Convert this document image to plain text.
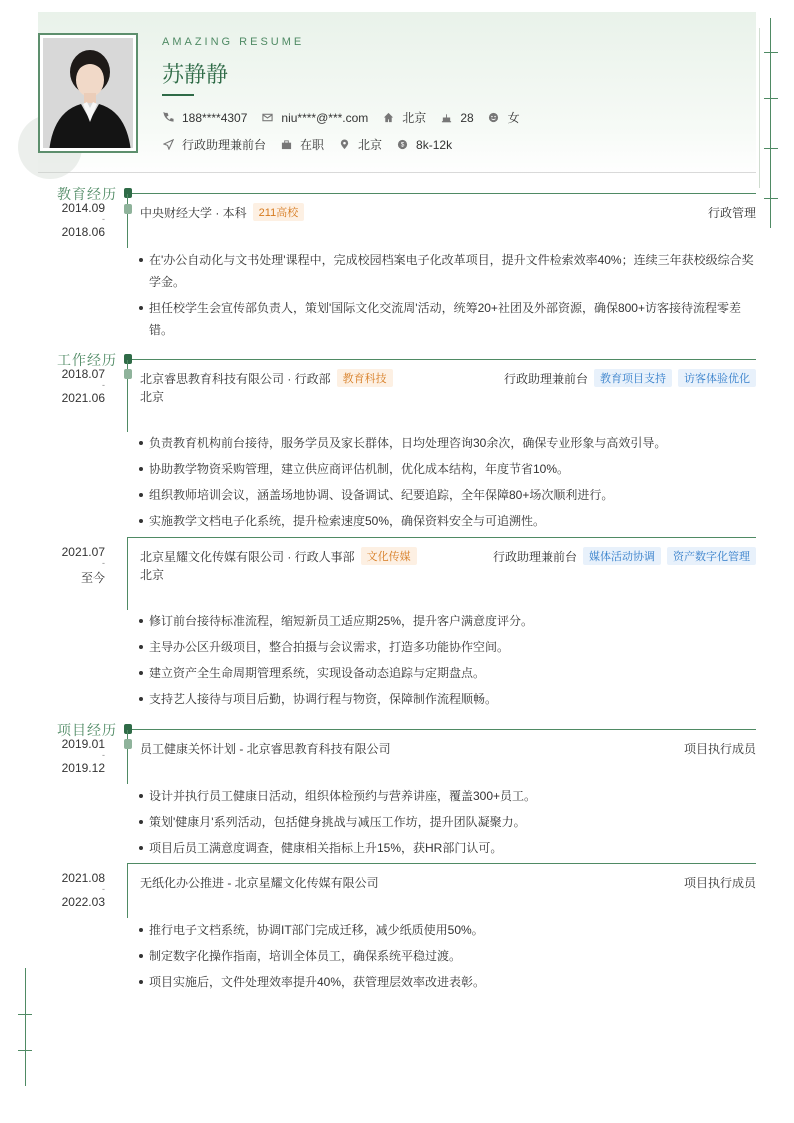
AMAZING RESUME
苏静静
188****4307	niu****@***.com	北京	28	女
行政助理兼前台	在职	北京	$ 8k-12k
教育经历
2014.09
-
2018.06
中央财经大学 · 本科	211高校	行政管理
在'办公自动化与文书处理'课程中，完成校园档案电子化改革项目，提升文件检索效率40%；连续三年获校级综合奖学金。
担任校学生会宣传部负责人，策划'国际文化交流周'活动，统筹20+社团及外部资源，确保800+访客接待流程零差错。
工作经历
2018.07
-
2021.06
北京睿思教育科技有限公司 · 行政部	教育科技	行政助理兼前台	教育项目支持	访客体验优化
北京
负责教育机构前台接待，服务学员及家长群体，日均处理咨询30余次，确保专业形象与高效引导。
协助教学物资采购管理，建立供应商评估机制，优化成本结构，年度节省10%。
组织教师培训会议，涵盖场地协调、设备调试、纪要追踪，全年保障80+场次顺利进行。
实施教学文档电子化系统，提升检索速度50%，确保资料安全与可追溯性。
2021.07
-
至今
北京星耀文化传媒有限公司 · 行政人事部	文化传媒	行政助理兼前台	媒体活动协调	资产数字化管理
北京
修订前台接待标准流程，缩短新员工适应期25%，提升客户满意度评分。
主导办公区升级项目，整合拍摄与会议需求，打造多功能协作空间。
建立资产全生命周期管理系统，实现设备动态追踪与定期盘点。
支持艺人接待与项目后勤，协调行程与物资，保障制作流程顺畅。
项目经历
2019.01
-
2019.12
员工健康关怀计划 - 北京睿思教育科技有限公司	项目执行成员
设计并执行员工健康日活动，组织体检预约与营养讲座，覆盖300+员工。
策划'健康月'系列活动，包括健身挑战与减压工作坊，提升团队凝聚力。
项目后员工满意度调查，健康相关指标上升15%，获HR部门认可。
2021.08
-
2022.03
无纸化办公推进 - 北京星耀文化传媒有限公司	项目执行成员
推行电子文档系统，协调IT部门完成迁移，减少纸质使用50%。
制定数字化操作指南，培训全体员工，确保系统平稳过渡。
项目实施后，文件处理效率提升40%，获管理层效率改进表彰。
